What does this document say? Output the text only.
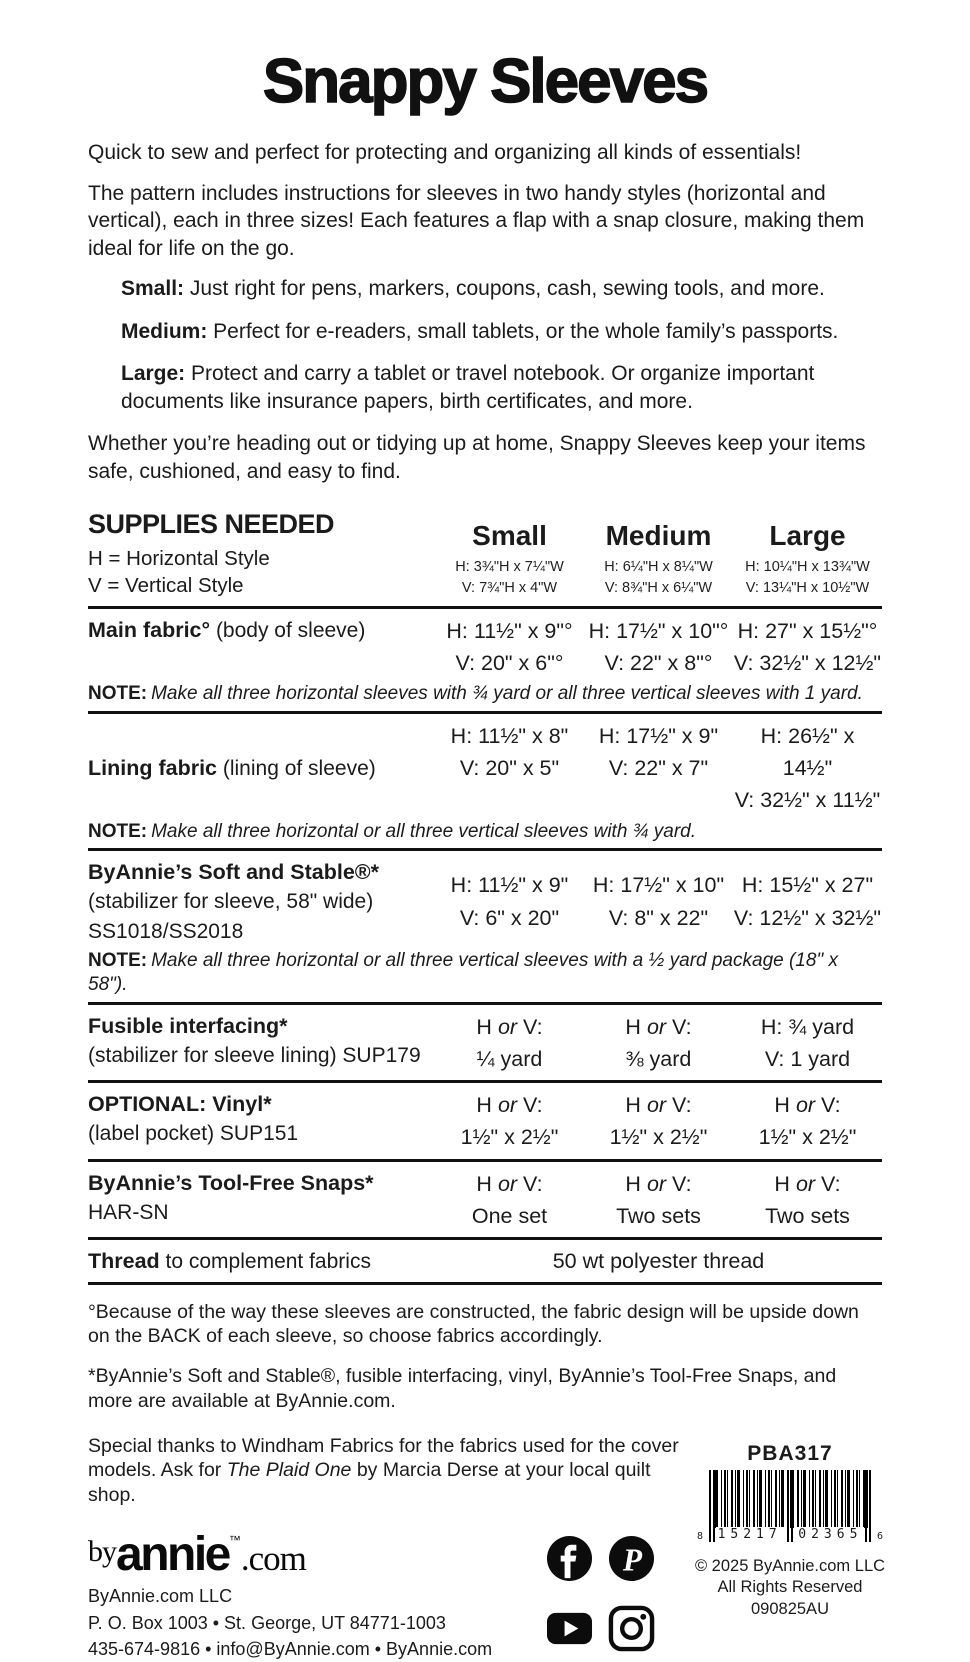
Snappy Sleeves

Quick to sew and perfect for protecting and organizing all kinds of essentials!

The pattern includes instructions for sleeves in two handy styles (horizontal and vertical), each in three sizes! Each features a flap with a snap closure, making them ideal for life on the go.

Small: Just right for pens, markers, coupons, cash, sewing tools, and more.
Medium: Perfect for e-readers, small tablets, or the whole family’s passports.
Large: Protect and carry a tablet or travel notebook. Or organize important documents like insurance papers, birth certificates, and more.

Whether you’re heading out or tidying up at home, Snappy Sleeves keep your items safe, cushioned, and easy to find.

SUPPLIES NEEDED
H = Horizontal Style
V = Vertical Style
Small
H: 3¾"H x 7¼"W
V: 7¾"H x 4"W
Medium
H: 6¼"H x 8¼"W
V: 8¾"H x 6¼"W
Large
H: 10¼"H x 13¾"W
V: 13¼"H x 10½"W
Main fabric° (body of sleeve)	H: 11½" x 9"°
V: 20" x 6"°
H: 17½" x 10"°
V: 22" x 8"°
H: 27" x 15½"°
V: 32½" x 12½"
NOTE: Make all three horizontal sleeves with ¾ yard or all three vertical sleeves with 1 yard.
Lining fabric (lining of sleeve)
H: 11½" x 8"
V: 20" x 5"
H: 17½" x 9"
V: 22" x 7"
H: 26½" x 14½"
V: 32½" x 11½"
NOTE: Make all three horizontal or all three vertical sleeves with ¾ yard.
ByAnnie’s Soft and Stable®*
(stabilizer for sleeve, 58" wide)
SS1018/SS2018
H: 11½" x 9"
V: 6" x 20"
H: 17½" x 10"
V: 8" x 22"
H: 15½" x 27"
V: 12½" x 32½"
NOTE: Make all three horizontal or all three vertical sleeves with a ½ yard package (18" x 58").
Fusible interfacing*
(stabilizer for sleeve lining) SUP179
H or V:
¼ yard
H or V:
⅜ yard
H: ¾ yard
V: 1 yard
OPTIONAL: Vinyl*
(label pocket) SUP151
H or V:
1½" x 2½"
H or V:
1½" x 2½"
H or V:
1½" x 2½"
ByAnnie’s Tool-Free Snaps*
HAR-SN
H or V:
One set
H or V:
Two sets
H or V:
Two sets
Thread to complement fabrics	50 wt polyester thread

°Because of the way these sleeves are constructed, the fabric design will be upside down on the BACK of each sleeve, so choose fabrics accordingly.

*ByAnnie’s Soft and Stable®, fusible interfacing, vinyl, ByAnnie’s Tool-Free Snaps, and more are available at ByAnnie.com.

Special thanks to Windham Fabrics for the fabrics used for the cover models. Ask for The Plaid One by Marcia Derse at your local quilt shop.

PBA317
8 15217 02365 6
© 2025 ByAnnie.com LLC
All Rights Reserved
090825AU
byannie™.com
ByAnnie.com LLC
P. O. Box 1003 • St. George, UT 84771-1003
435-674-9816 • info@ByAnnie.com • ByAnnie.com
P
